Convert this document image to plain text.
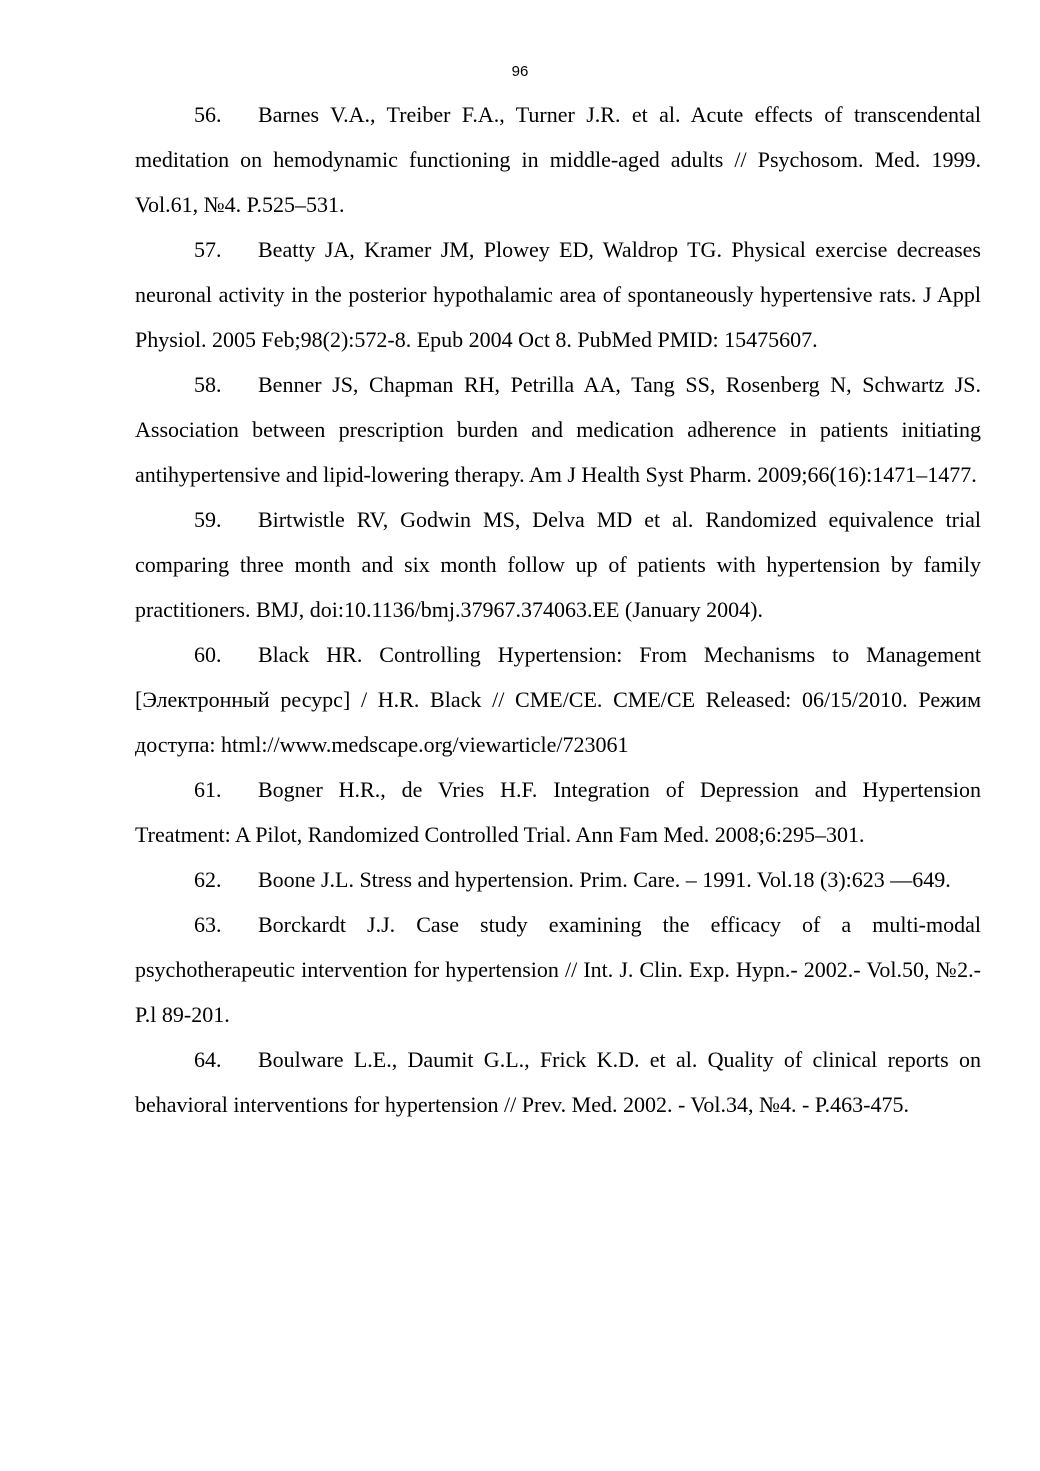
96

56. Barnes V.A., Treiber F.A., Turner J.R. et al. Acute effects of transcendental meditation on hemodynamic functioning in middle-aged adults // Psychosom. Med. 1999. Vol.61, №4. P.525–531.

57. Beatty JA, Kramer JM, Plowey ED, Waldrop TG. Physical exercise decreases neuronal activity in the posterior hypothalamic area of spontaneously hypertensive rats. J Appl Physiol. 2005 Feb;98(2):572-8. Epub 2004 Oct 8. PubMed PMID: 15475607.

58. Benner JS, Chapman RH, Petrilla AA, Tang SS, Rosenberg N, Schwartz JS. Association between prescription burden and medication adherence in patients initiating antihypertensive and lipid-lowering therapy. Am J Health Syst Pharm. 2009;66(16):1471–1477.

59. Birtwistle RV, Godwin MS, Delva MD et al. Randomized equivalence trial comparing three month and six month follow up of patients with hypertension by family practitioners. BMJ, doi:10.1136/bmj.37967.374063.EE (January 2004).

60. Black HR. Controlling Hypertension: From Mechanisms to Management [Электронный ресурс] / H.R. Black // CME/CE. CME/CE Released: 06/15/2010. Режим доступа: html://www.medscape.org/viewarticle/723061

61. Bogner H.R., de Vries H.F. Integration of Depression and Hypertension Treatment: A Pilot, Randomized Controlled Trial. Ann Fam Med. 2008;6:295–301.

62. Boone J.L. Stress and hypertension. Prim. Care. – 1991. Vol.18 (3):623 —649.

63. Borckardt J.J. Case study examining the efficacy of a multi-modal psychotherapeutic intervention for hypertension // Int. J. Clin. Exp. Hypn.- 2002.- Vol.50, №2.- P.l 89-201.

64. Boulware L.E., Daumit G.L., Frick K.D. et al. Quality of clinical reports on behavioral interventions for hypertension // Prev. Med. 2002. - Vol.34, №4. - P.463-475.
